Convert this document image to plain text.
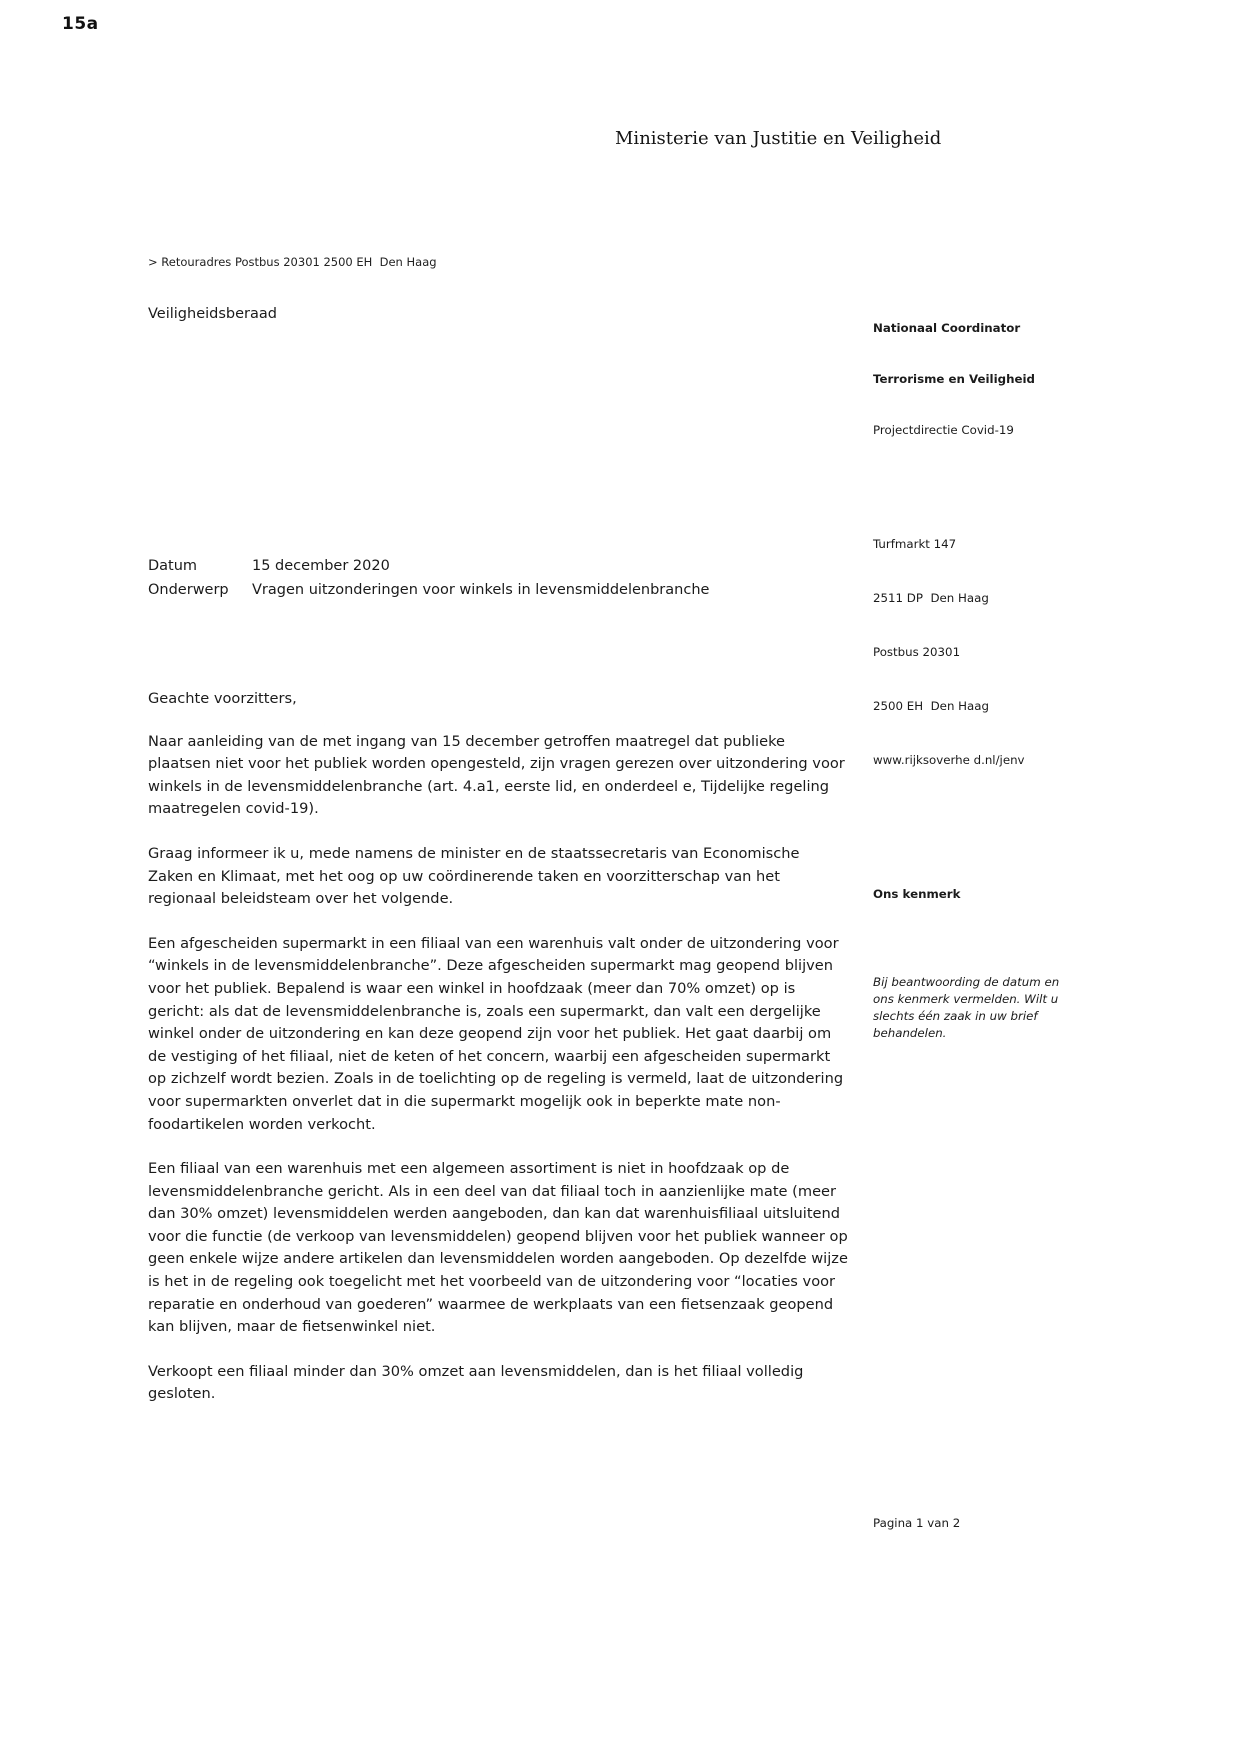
15a
Ministerie van Justitie en Veiligheid
> Retouradres Postbus 20301 2500 EH  Den Haag
Veiligheidsberaad

Nationaal Coordinator

Terrorisme en Veiligheid

Projectdirectie Covid-19

Turfmarkt 147

2511 DP  Den Haag

Postbus 20301

2500 EH  Den Haag

www.rijksoverhe d.nl/jenv

Ons kenmerk

Bij beantwoording de datum en ons kenmerk vermelden. Wilt u slechts één zaak in uw brief behandelen.

Datum	15 december 2020
Onderwerp	Vragen uitzonderingen voor winkels in levensmiddelenbranche

Geachte voorzitters,

Naar aanleiding van de met ingang van 15 december getroffen maatregel dat publieke plaatsen niet voor het publiek worden opengesteld, zijn vragen gerezen over uitzondering voor winkels in de levensmiddelenbranche (art. 4.a1, eerste lid, en onderdeel e, Tijdelijke regeling maatregelen covid-19).

Graag informeer ik u, mede namens de minister en de staatssecretaris van Economische Zaken en Klimaat, met het oog op uw coördinerende taken en voorzitterschap van het regionaal beleidsteam over het volgende.

Een afgescheiden supermarkt in een filiaal van een warenhuis valt onder de uitzondering voor “winkels in de levensmiddelenbranche”. Deze afgescheiden supermarkt mag geopend blijven voor het publiek. Bepalend is waar een winkel in hoofdzaak (meer dan 70% omzet) op is gericht: als dat de levensmiddelenbranche is, zoals een supermarkt, dan valt een dergelijke winkel onder de uitzondering en kan deze geopend zijn voor het publiek. Het gaat daarbij om de vestiging of het filiaal, niet de keten of het concern, waarbij een afgescheiden supermarkt op zichzelf wordt bezien. Zoals in de toelichting op de regeling is vermeld, laat de uitzondering voor supermarkten onverlet dat in die supermarkt mogelijk ook in beperkte mate non-foodartikelen worden verkocht.

Een filiaal van een warenhuis met een algemeen assortiment is niet in hoofdzaak op de levensmiddelenbranche gericht. Als in een deel van dat filiaal toch in aanzienlijke mate (meer dan 30% omzet) levensmiddelen werden aangeboden, dan kan dat warenhuisfiliaal uitsluitend voor die functie (de verkoop van levensmiddelen) geopend blijven voor het publiek wanneer op geen enkele wijze andere artikelen dan levensmiddelen worden aangeboden. Op dezelfde wijze is het in de regeling ook toegelicht met het voorbeeld van de uitzondering voor “locaties voor reparatie en onderhoud van goederen” waarmee de werkplaats van een fietsenzaak geopend kan blijven, maar de fietsenwinkel niet.

Verkoopt een filiaal minder dan 30% omzet aan levensmiddelen, dan is het filiaal volledig gesloten.

Pagina 1 van 2
